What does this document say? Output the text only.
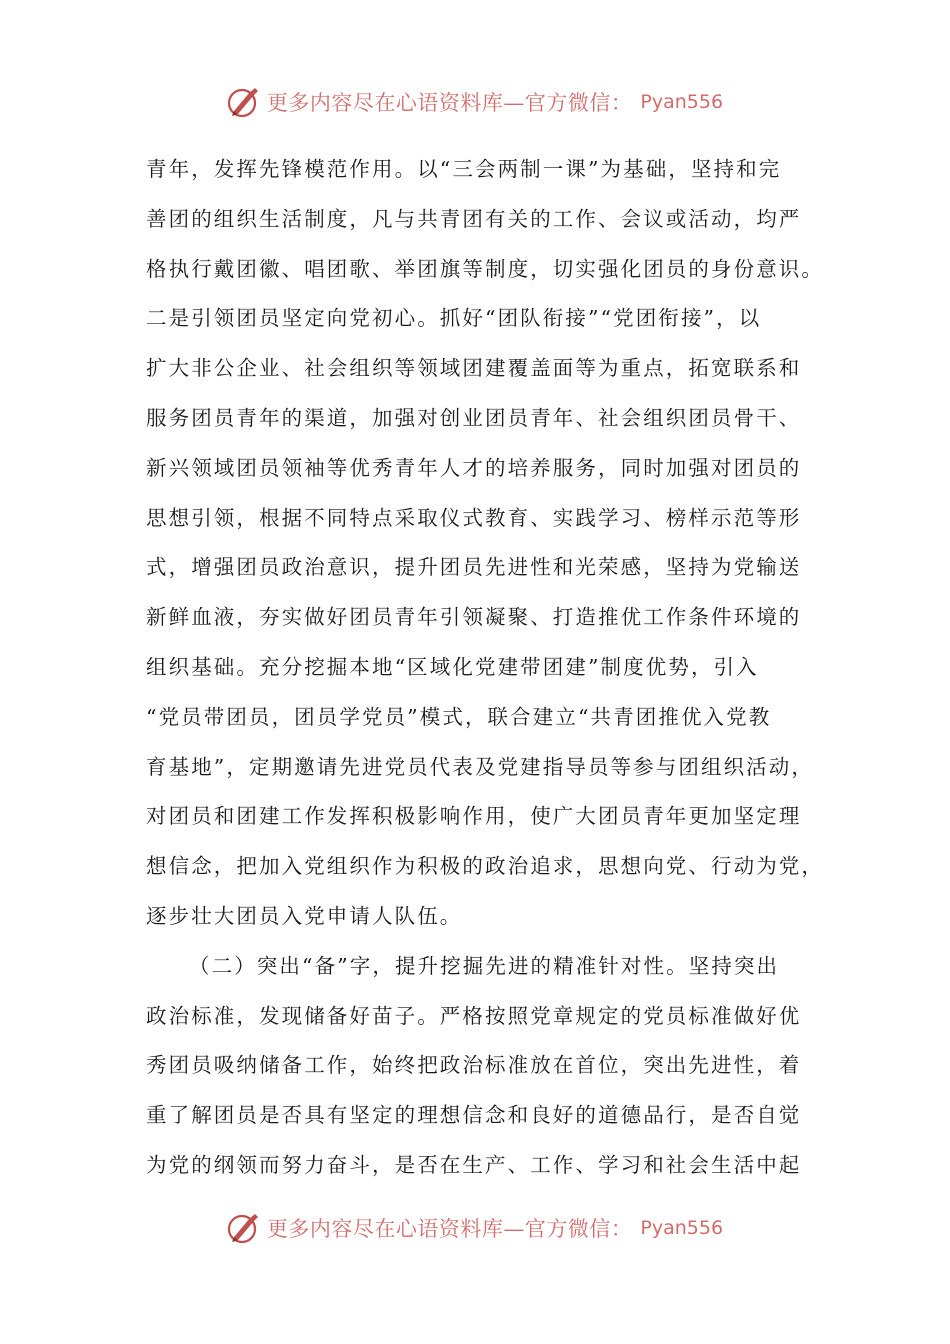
更多内容尽在心语资料库—官方微信： Pyan556
青年，发挥先锋模范作用。以“三会两制一课”为基础，坚持和完
善团的组织生活制度，凡与共青团有关的工作、会议或活动，均严
格执行戴团徽、唱团歌、举团旗等制度，切实强化团员的身份意识。
二是引领团员坚定向党初心。抓好“团队衔接”“党团衔接”，以
扩大非公企业、社会组织等领域团建覆盖面等为重点，拓宽联系和
服务团员青年的渠道，加强对创业团员青年、社会组织团员骨干、
新兴领域团员领袖等优秀青年人才的培养服务，同时加强对团员的
思想引领，根据不同特点采取仪式教育、实践学习、榜样示范等形
式，增强团员政治意识，提升团员先进性和光荣感，坚持为党输送
新鲜血液，夯实做好团员青年引领凝聚、打造推优工作条件环境的
组织基础。充分挖掘本地“区域化党建带团建”制度优势，引入
“党员带团员，团员学党员”模式，联合建立“共青团推优入党教
育基地”，定期邀请先进党员代表及党建指导员等参与团组织活动，
对团员和团建工作发挥积极影响作用，使广大团员青年更加坚定理
想信念，把加入党组织作为积极的政治追求，思想向党、行动为党，
逐步壮大团员入党申请人队伍。
（二）突出“备”字，提升挖掘先进的精准针对性。坚持突出
政治标准，发现储备好苗子。严格按照党章规定的党员标准做好优
秀团员吸纳储备工作，始终把政治标准放在首位，突出先进性，着
重了解团员是否具有坚定的理想信念和良好的道德品行，是否自觉
为党的纲领而努力奋斗，是否在生产、工作、学习和社会生活中起
更多内容尽在心语资料库—官方微信： Pyan556
